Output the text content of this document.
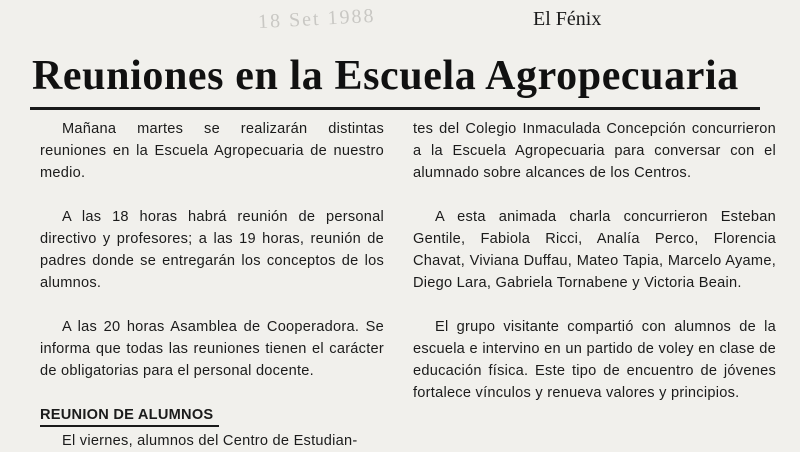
18 Set 1988	El Fénix
Reuniones en la Escuela Agropecuaria

Mañana martes se realizarán distintas reuniones en la Escuela Agropecuaria de nuestro medio.

A las 18 horas habrá reunión de personal directivo y profesores; a las 19 horas, reunión de padres donde se entregarán los conceptos de los alumnos.

A las 20 horas Asamblea de Cooperadora. Se informa que todas las reuniones tienen el carácter de obligatorias para el personal docente.

REUNION DE ALUMNOS

El viernes, alumnos del Centro de Estudian-

tes del Colegio Inmaculada Concepción concurrieron a la Escuela Agropecuaria para conversar con el alumnado sobre alcances de los Centros.

A esta animada charla concurrieron Esteban Gentile, Fabiola Ricci, Analía Perco, Florencia Chavat, Viviana Duffau, Mateo Tapia, Marcelo Ayame, Diego Lara, Gabriela Tornabene y Victoria Beain.

El grupo visitante compartió con alumnos de la escuela e intervino en un partido de voley en clase de educación física. Este tipo de encuentro de jóvenes fortalece vínculos y renueva valores y principios.
